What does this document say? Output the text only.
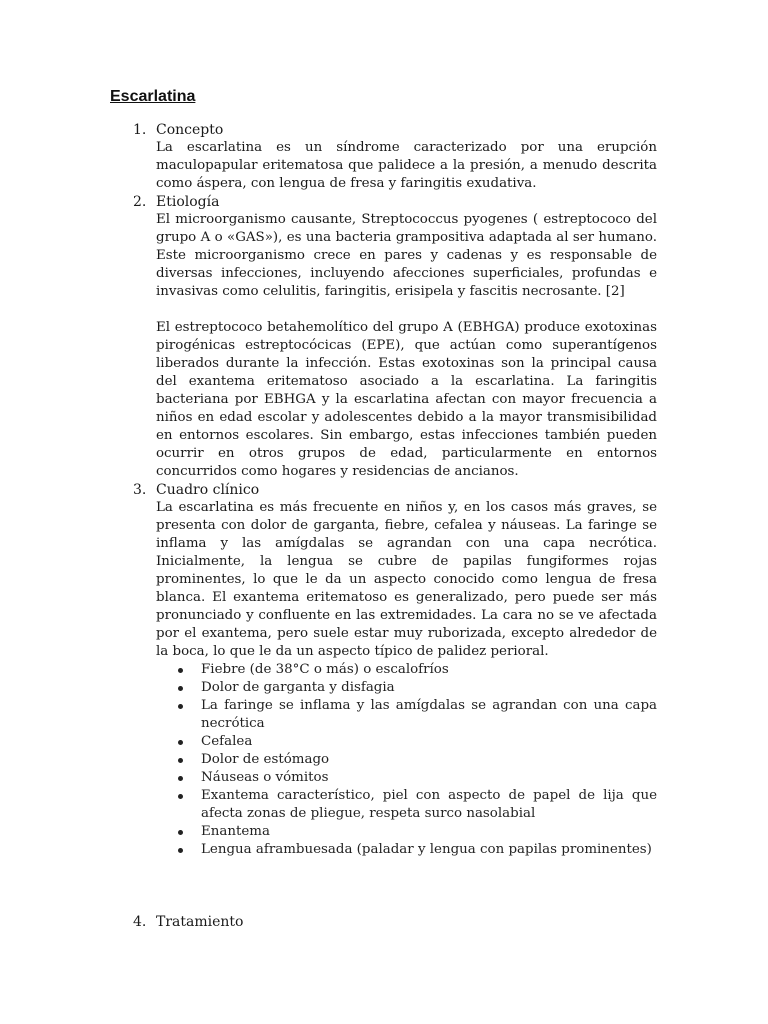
Escarlatina
1. Concepto

La escarlatina es un síndrome caracterizado por una erupción maculopapular eritematosa que palidece a la presión, a menudo descrita como áspera, con lengua de fresa y faringitis exudativa.

2. Etiología

El microorganismo causante, Streptococcus pyogenes ( estreptococo del grupo A o «GAS»), es una bacteria grampositiva adaptada al ser humano. Este microorganismo crece en pares y cadenas y es responsable de diversas infecciones, incluyendo afecciones superficiales, profundas e invasivas como celulitis, faringitis, erisipela y fascitis necrosante. [2]

El estreptococo betahemolítico del grupo A (EBHGA) produce exotoxinas pirogénicas estreptocócicas (EPE), que actúan como superantígenos liberados durante la infección. Estas exotoxinas son la principal causa del exantema eritematoso asociado a la escarlatina. La faringitis bacteriana por EBHGA y la escarlatina afectan con mayor frecuencia a niños en edad escolar y adolescentes debido a la mayor transmisibilidad en entornos escolares. Sin embargo, estas infecciones también pueden ocurrir en otros grupos de edad, particularmente en entornos concurridos como hogares y residencias de ancianos.

3. Cuadro clínico

La escarlatina es más frecuente en niños y, en los casos más graves, se presenta con dolor de garganta, fiebre, cefalea y náuseas. La faringe se inflama y las amígdalas se agrandan con una capa necrótica. Inicialmente, la lengua se cubre de papilas fungiformes rojas prominentes, lo que le da un aspecto conocido como lengua de fresa blanca. El exantema eritematoso es generalizado, pero puede ser más pronunciado y confluente en las extremidades. La cara no se ve afectada por el exantema, pero suele estar muy ruborizada, excepto alrededor de la boca, lo que le da un aspecto típico de palidez perioral.

Fiebre (de 38°C o más) o escalofríos
Dolor de garganta y disfagia
La faringe se inflama y las amígdalas se agrandan con una capa necrótica
Cefalea
Dolor de estómago
Náuseas o vómitos
Exantema característico, piel con aspecto de papel de lija que afecta zonas de pliegue, respeta surco nasolabial
Enantema
Lengua aframbuesada (paladar y lengua con papilas prominentes)
4. Tratamiento
